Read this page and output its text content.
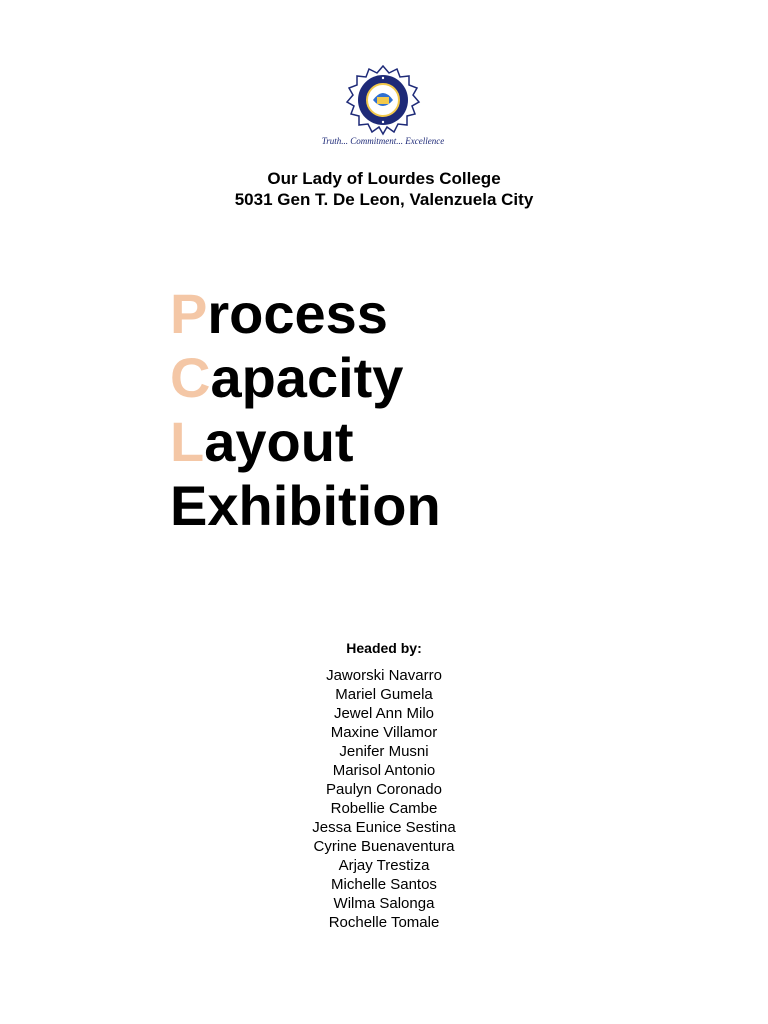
Truth... Commitment... Excellence
Our Lady of Lourdes College
5031 Gen T. De Leon, Valenzuela City
Process
Capacity
Layout
Exhibition
Headed by:
Jaworski Navarro
Mariel Gumela
Jewel Ann Milo
Maxine Villamor
Jenifer Musni
Marisol Antonio
Paulyn Coronado
Robellie Cambe
Jessa Eunice Sestina
Cyrine Buenaventura
Arjay Trestiza
Michelle Santos
Wilma Salonga
Rochelle Tomale
